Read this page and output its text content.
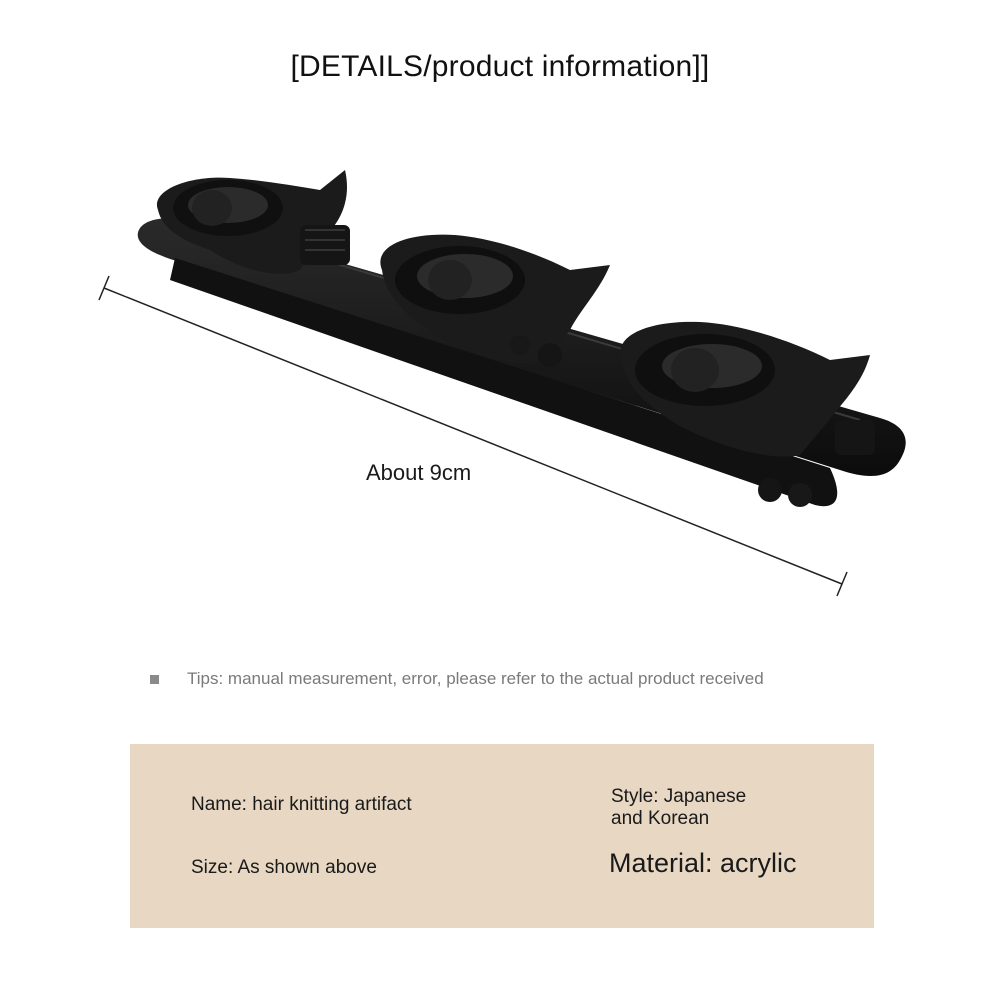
[DETAILS/product information]]
About 9cm
Tips: manual measurement, error, please refer to the actual product received
Name: hair knitting artifact
Size: As shown above
Style: Japanese
and Korean
Material: acrylic
